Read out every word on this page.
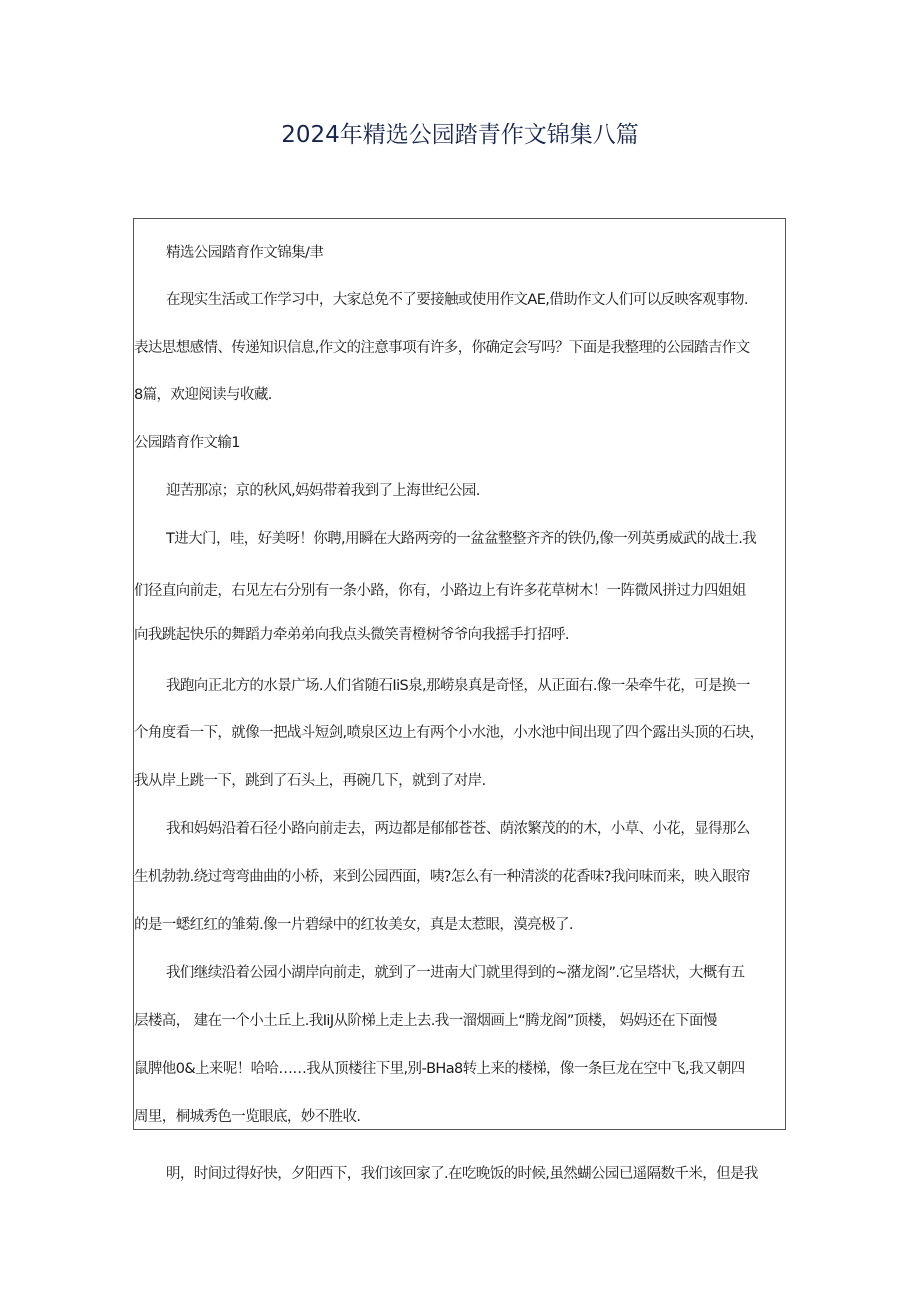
2024年精选公园踏青作文锦集八篇
精选公园踏育作文锦集/聿
在现实生活或工作学习中，大家总免不了要接触或使用作文AE,借助作文人们可以反映客观事物.
表达思想感情、传递知识信息,作文的注意事项有许多，你确定会写吗？下面是我整理的公园踏吉作文
8篇，欢迎阅读与收藏.
公园踏育作文输1
迎苦那凉；京的秋风,妈妈带着我到了上海世纪公园.
T进大门，哇，好美呀！你聘,用瞬在大路两旁的一盆盆整整齐齐的铁仍,像一列英勇威武的战士.我
们径直向前走，右见左右分别有一条小路，你有，小路边上有许多花草树木！一阵微风拼过力四姐姐
向我跳起快乐的舞蹈力牵弟弟向我点头微笑青橙树爷爷向我摇手打招呼.
我跑向正北方的水景广场.人们省随石IiS泉,那崂泉真是奇怪，从正面右.像一朵牵牛花，可是换一
个角度看一下，就像一把战斗短剑,喷泉区边上有两个小水池，小水池中间出现了四个露出头顶的石块，
我从岸上跳一下，跳到了石头上，再碗几下，就到了对岸.
我和妈妈沿着石径小路向前走去，两边都是郁郁苍苍、荫浓繁茂的的木，小草、小花，显得那么
生机勃勃.绕过弯弯曲曲的小桥，来到公园西面，咦?怎么有一种清淡的花香味?我问味而来，映入眼帘
的是一蟋红红的雏菊.像一片碧绿中的红妆美女，真是太惹眼，漠亮极了.
我们继续沿着公园小湖岸向前走，就到了一进南大门就里得到的~潴龙阁”.它呈塔状，大概有五
层楼高， 建在一个小土丘上.我IiJ从阶梯上走上去.我一溜烟画上“腾龙阁”顶楼， 妈妈还在下面慢
鼠脾他0&上来呢！哈哈……我从顶楼往下里,别-BHa8转上来的楼梯，像一条巨龙在空中飞,我又朝四
周里，桐城秀色一览眼底，妙不胜收.
明，时间过得好快，夕阳西下，我们该回家了.在吃晚饭的时候,虽然蝴公园已遥隔数千米，但是我
